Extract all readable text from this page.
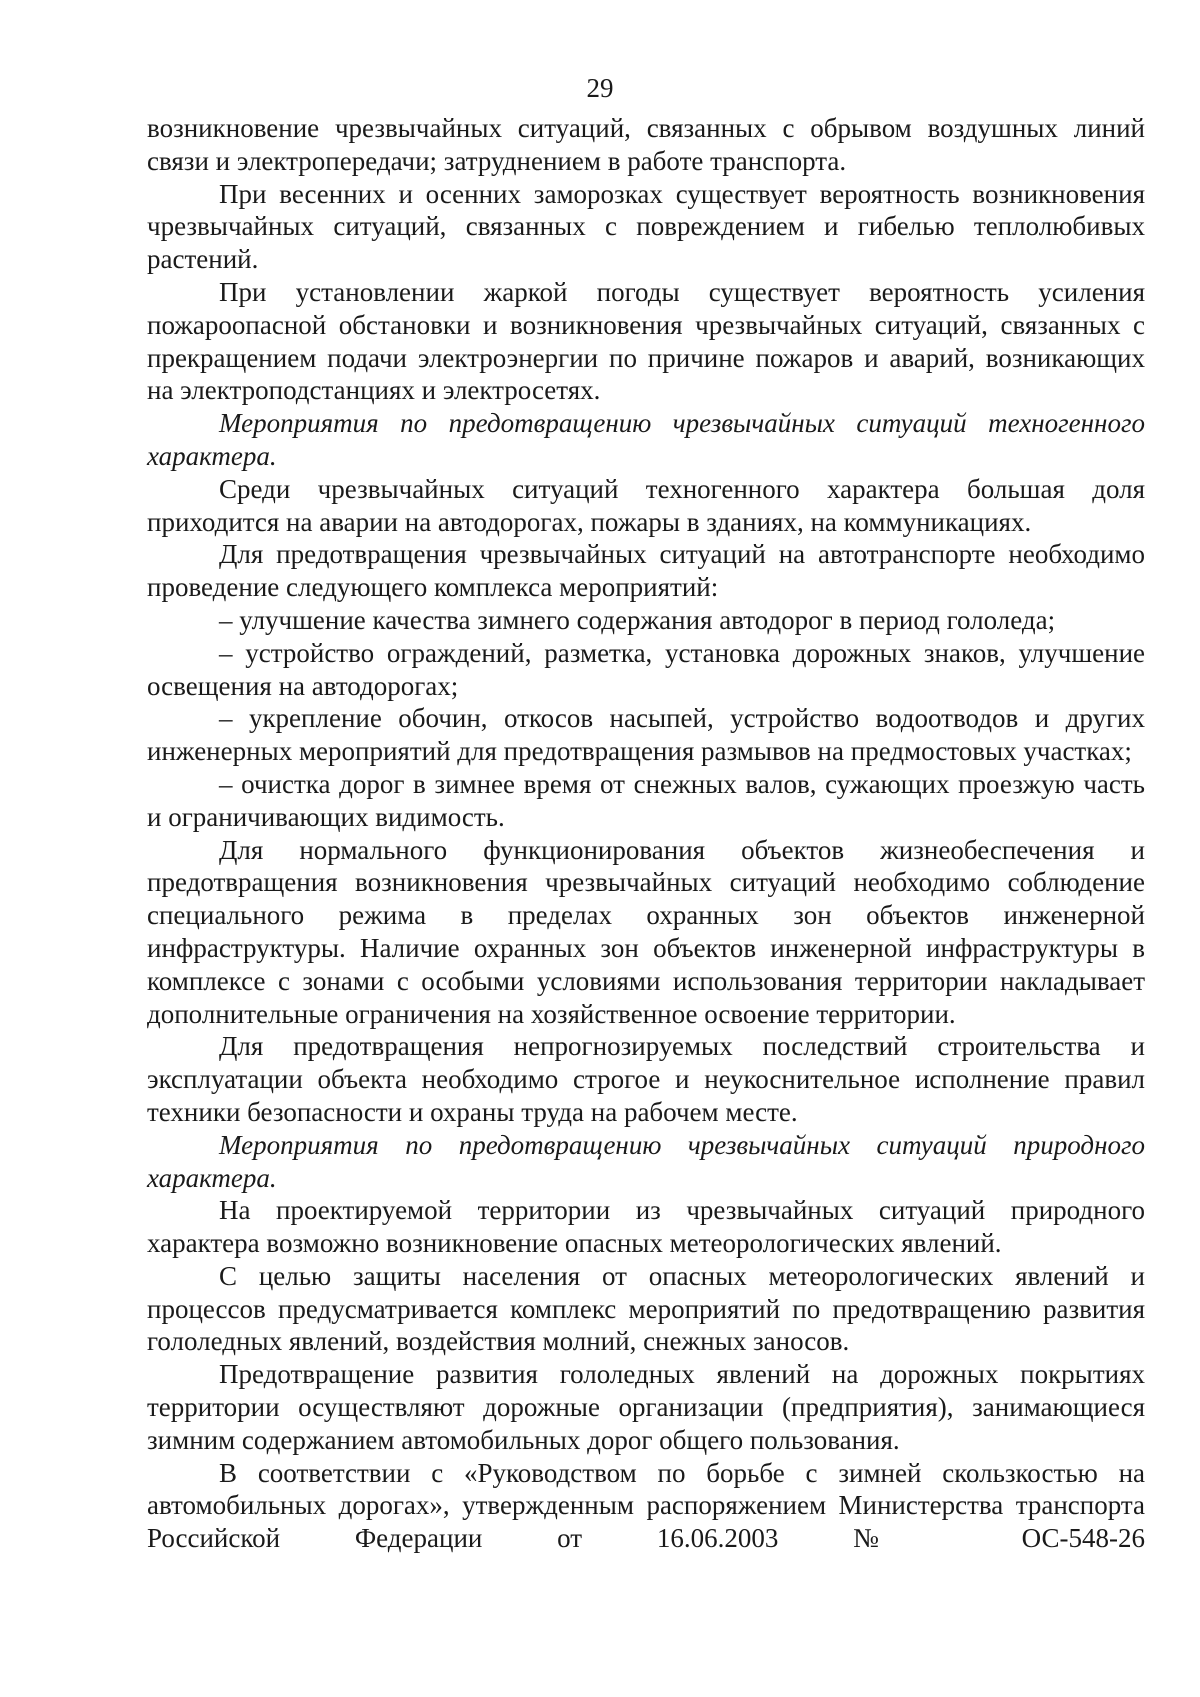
29

возникновение чрезвычайных ситуаций, связанных с обрывом воздушных линий связи и электропередачи; затруднением в работе транспорта.

При весенних и осенних заморозках существует вероятность возникновения чрезвычайных ситуаций, связанных с повреждением и гибелью теплолюбивых растений.

При установлении жаркой погоды существует вероятность усиления пожароопасной обстановки и возникновения чрезвычайных ситуаций, связанных с прекращением подачи электроэнергии по причине пожаров и аварий, возникающих на электроподстанциях и электросетях.

Мероприятия по предотвращению чрезвычайных ситуаций техногенного характера.

Среди чрезвычайных ситуаций техногенного характера большая доля приходится на аварии на автодорогах, пожары в зданиях, на коммуникациях.

Для предотвращения чрезвычайных ситуаций на автотранспорте необходимо проведение следующего комплекса мероприятий:

– улучшение качества зимнего содержания автодорог в период гололеда;

– устройство ограждений, разметка, установка дорожных знаков, улучшение освещения на автодорогах;

– укрепление обочин, откосов насыпей, устройство водоотводов и других инженерных мероприятий для предотвращения размывов на предмостовых участках;

– очистка дорог в зимнее время от снежных валов, сужающих проезжую часть и ограничивающих видимость.

Для нормального функционирования объектов жизнеобеспечения и предотвращения возникновения чрезвычайных ситуаций необходимо соблюдение специального режима в пределах охранных зон объектов инженерной инфраструктуры. Наличие охранных зон объектов инженерной инфраструктуры в комплексе с зонами с особыми условиями использования территории накладывает дополнительные ограничения на хозяйственное освоение территории.

Для предотвращения непрогнозируемых последствий строительства и эксплуатации объекта необходимо строгое и неукоснительное исполнение правил техники безопасности и охраны труда на рабочем месте.

Мероприятия по предотвращению чрезвычайных ситуаций природного характера.

На проектируемой территории из чрезвычайных ситуаций природного характера возможно возникновение опасных метеорологических явлений.

С целью защиты населения от опасных метеорологических явлений и процессов предусматривается комплекс мероприятий по предотвращению развития гололедных явлений, воздействия молний, снежных заносов.

Предотвращение развития гололедных явлений на дорожных покрытиях территории осуществляют дорожные организации (предприятия), занимающиеся зимним содержанием автомобильных дорог общего пользования.

В соответствии с «Руководством по борьбе с зимней скользкостью на автомобильных дорогах», утвержденным распоряжением Министерства транспорта Российской Федерации от 16.06.2003 № ОС-548-26
